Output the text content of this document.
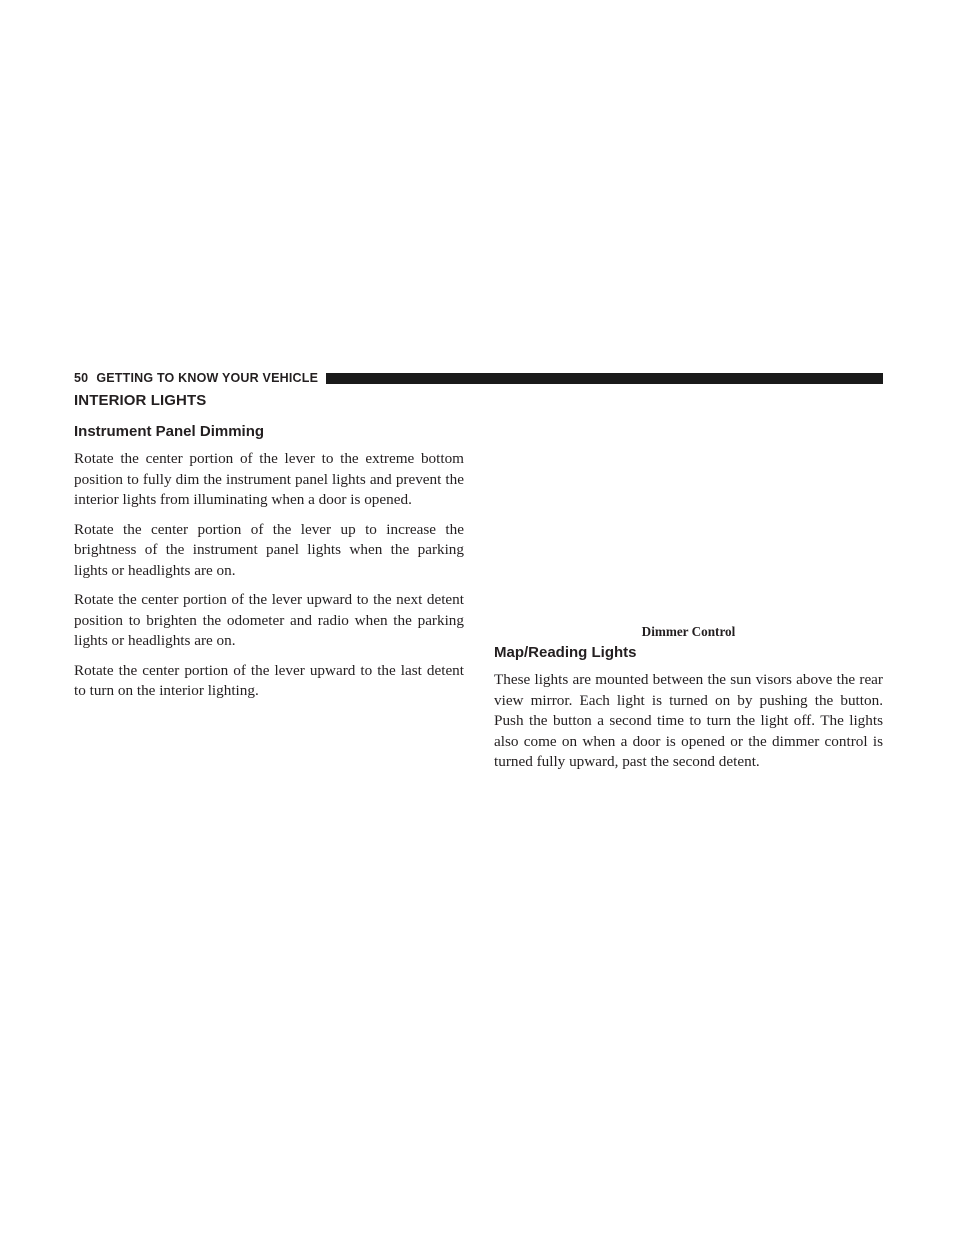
50 GETTING TO KNOW YOUR VEHICLE
INTERIOR LIGHTS
Instrument Panel Dimming

Rotate the center portion of the lever to the extreme bottom position to fully dim the instrument panel lights and prevent the interior lights from illuminating when a door is opened.

Rotate the center portion of the lever up to increase the brightness of the instrument panel lights when the parking lights or headlights are on.

Rotate the center portion of the lever upward to the next detent position to brighten the odometer and radio when the parking lights or headlights are on.

Rotate the center portion of the lever upward to the last detent to turn on the interior lighting.

Dimmer Control
Map/Reading Lights

These lights are mounted between the sun visors above the rear view mirror. Each light is turned on by pushing the button. Push the button a second time to turn the light off. The lights also come on when a door is opened or the dimmer control is turned fully upward, past the second detent.
